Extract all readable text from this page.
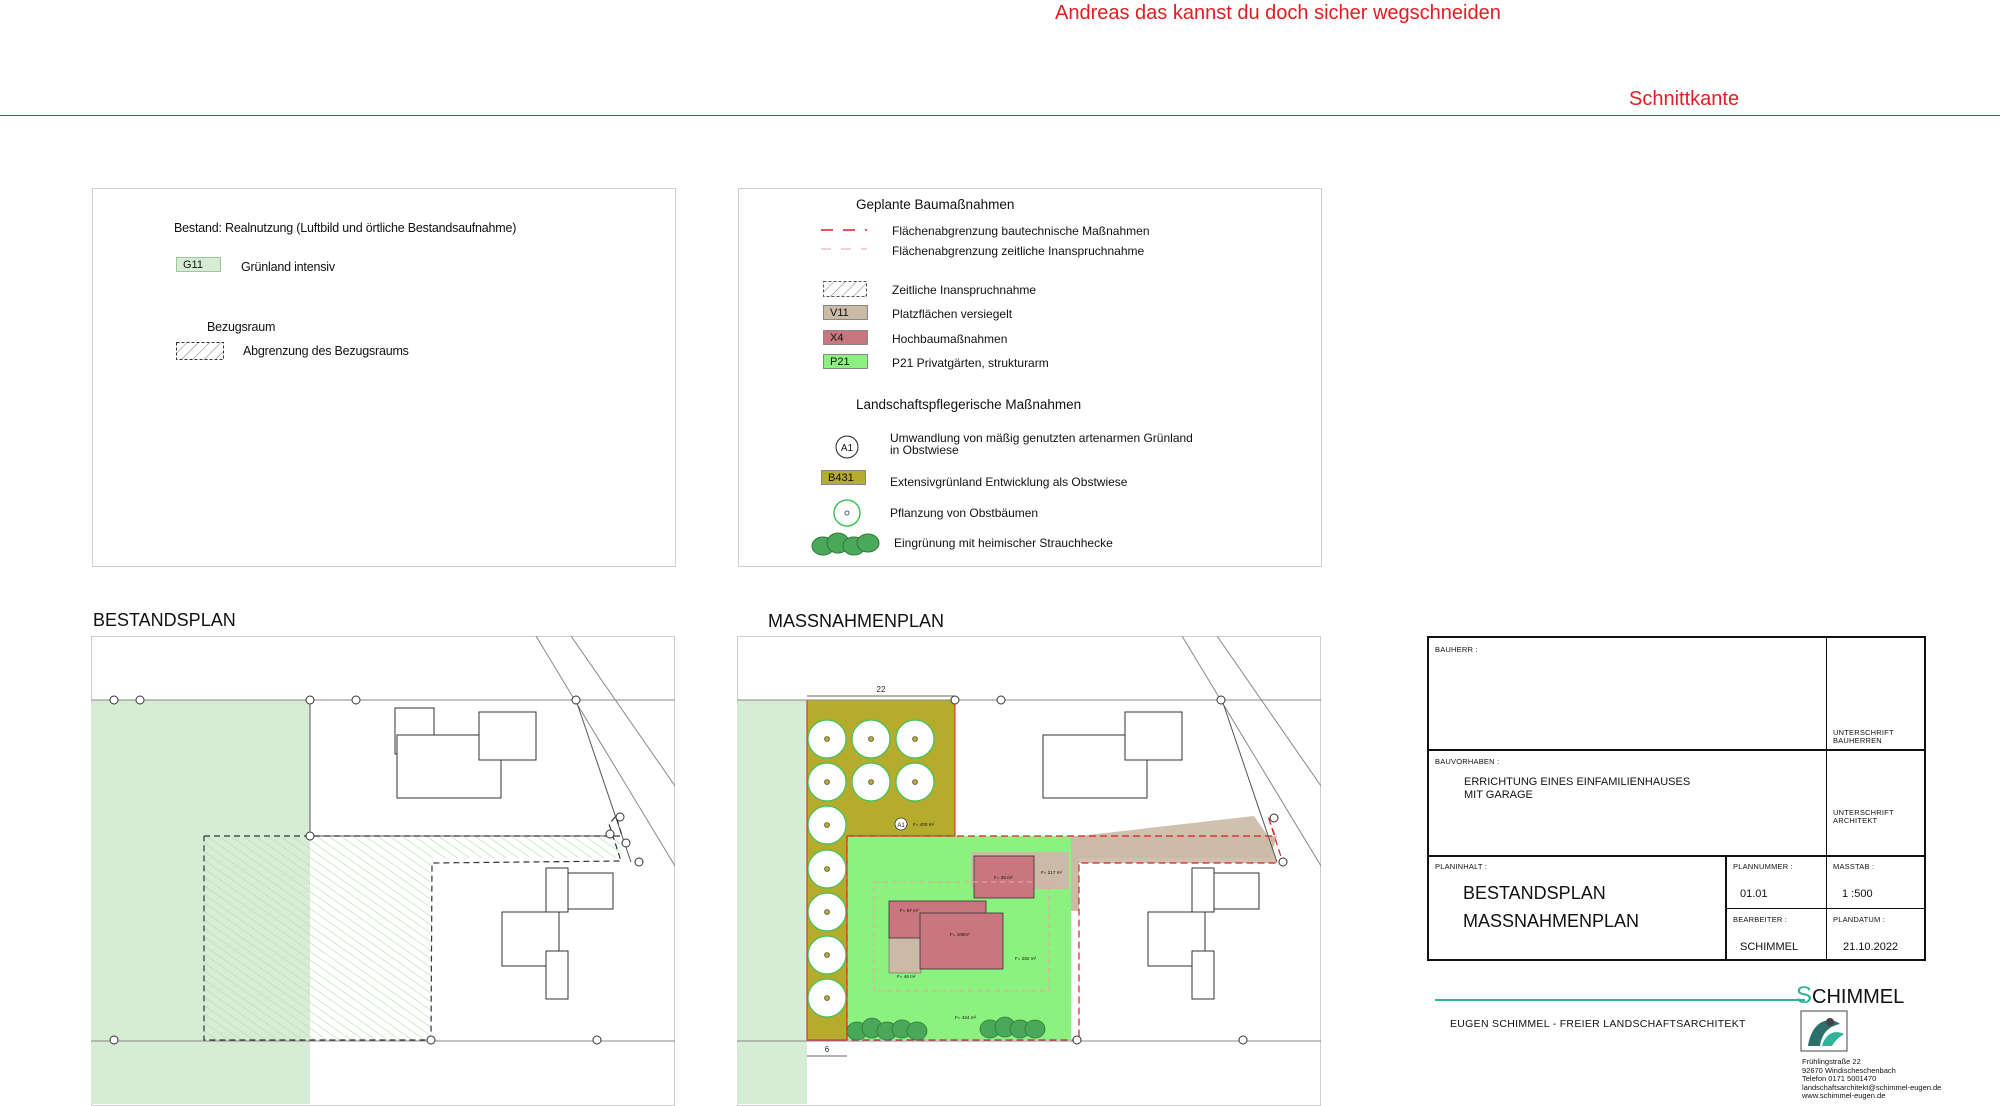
Andreas das kannst du doch sicher wegschneiden
Schnittkante
Bestand: Realnutzung (Luftbild und örtliche Bestandsaufnahme)
G11	Grünland intensiv
Bezugsraum
Abgrenzung des Bezugsraums
Geplante Baumaßnahmen
Flächenabgrenzung bautechnische Maßnahmen
Flächenabgrenzung zeitliche Inanspruchnahme
Zeitliche Inanspruchnahme
V11	Platzflächen versiegelt
X4	Hochbaumaßnahmen
P21	P21 Privatgärten, strukturarm
Landschaftspflegerische Maßnahmen
A1
Umwandlung von mäßig genutzten artenarmen Grünland
in Obstwiese
B431	Extensivgrünland Entwicklung als Obstwiese
Pflanzung von Obstbäumen
Eingrünung mit heimischer Strauchhecke
BESTANDSPLAN	MASSNAHMENPLAN
22
6
A1 F= 400 m²
F= 217 m²
F= 36 m²
F= 97 m²
F= 109m²
F= 46 m²
F= 282 m²
F= 424 m²
BAUHERR :
UNTERSCHRIFT
BAUHERREN
BAUVORHABEN :
ERRICHTUNG EINES EINFAMILIENHAUSES
MIT GARAGE
UNTERSCHRIFT
ARCHITEKT
PLANINHALT :
BESTANDSPLAN
MASSNAHMENPLAN
PLANNUMMER :
01.01
MASSTAB :
1 :500
BEARBEITER :
SCHIMMEL
PLANDATUM :
21.10.2022
SCHIMMEL
EUGEN SCHIMMEL - FREIER LANDSCHAFTSARCHITEKT
Frühlingstraße 22
92670 Windischeschenbach
Telefon 0171 5001470
landschaftsarchitekt@schimmel-eugen.de
www.schimmel-eugen.de
